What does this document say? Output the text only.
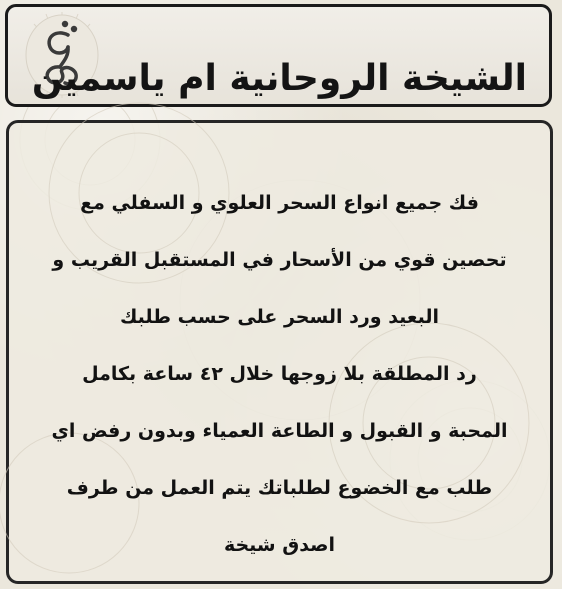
الشيخة الروحانية ام ياسمين
فك جميع انواع السحر العلوي و السفلي مع
تحصين قوي من الأسحار في المستقبل القريب و
البعيد ورد السحر على حسب طلبك
رد المطلقة بلا زوجها خلال ٤٢ ساعة بكامل
المحبة و القبول و الطاعة العمياء وبدون رفض اي
طلب مع الخضوع لطلباتك يتم العمل من طرف
اصدق شيخة
